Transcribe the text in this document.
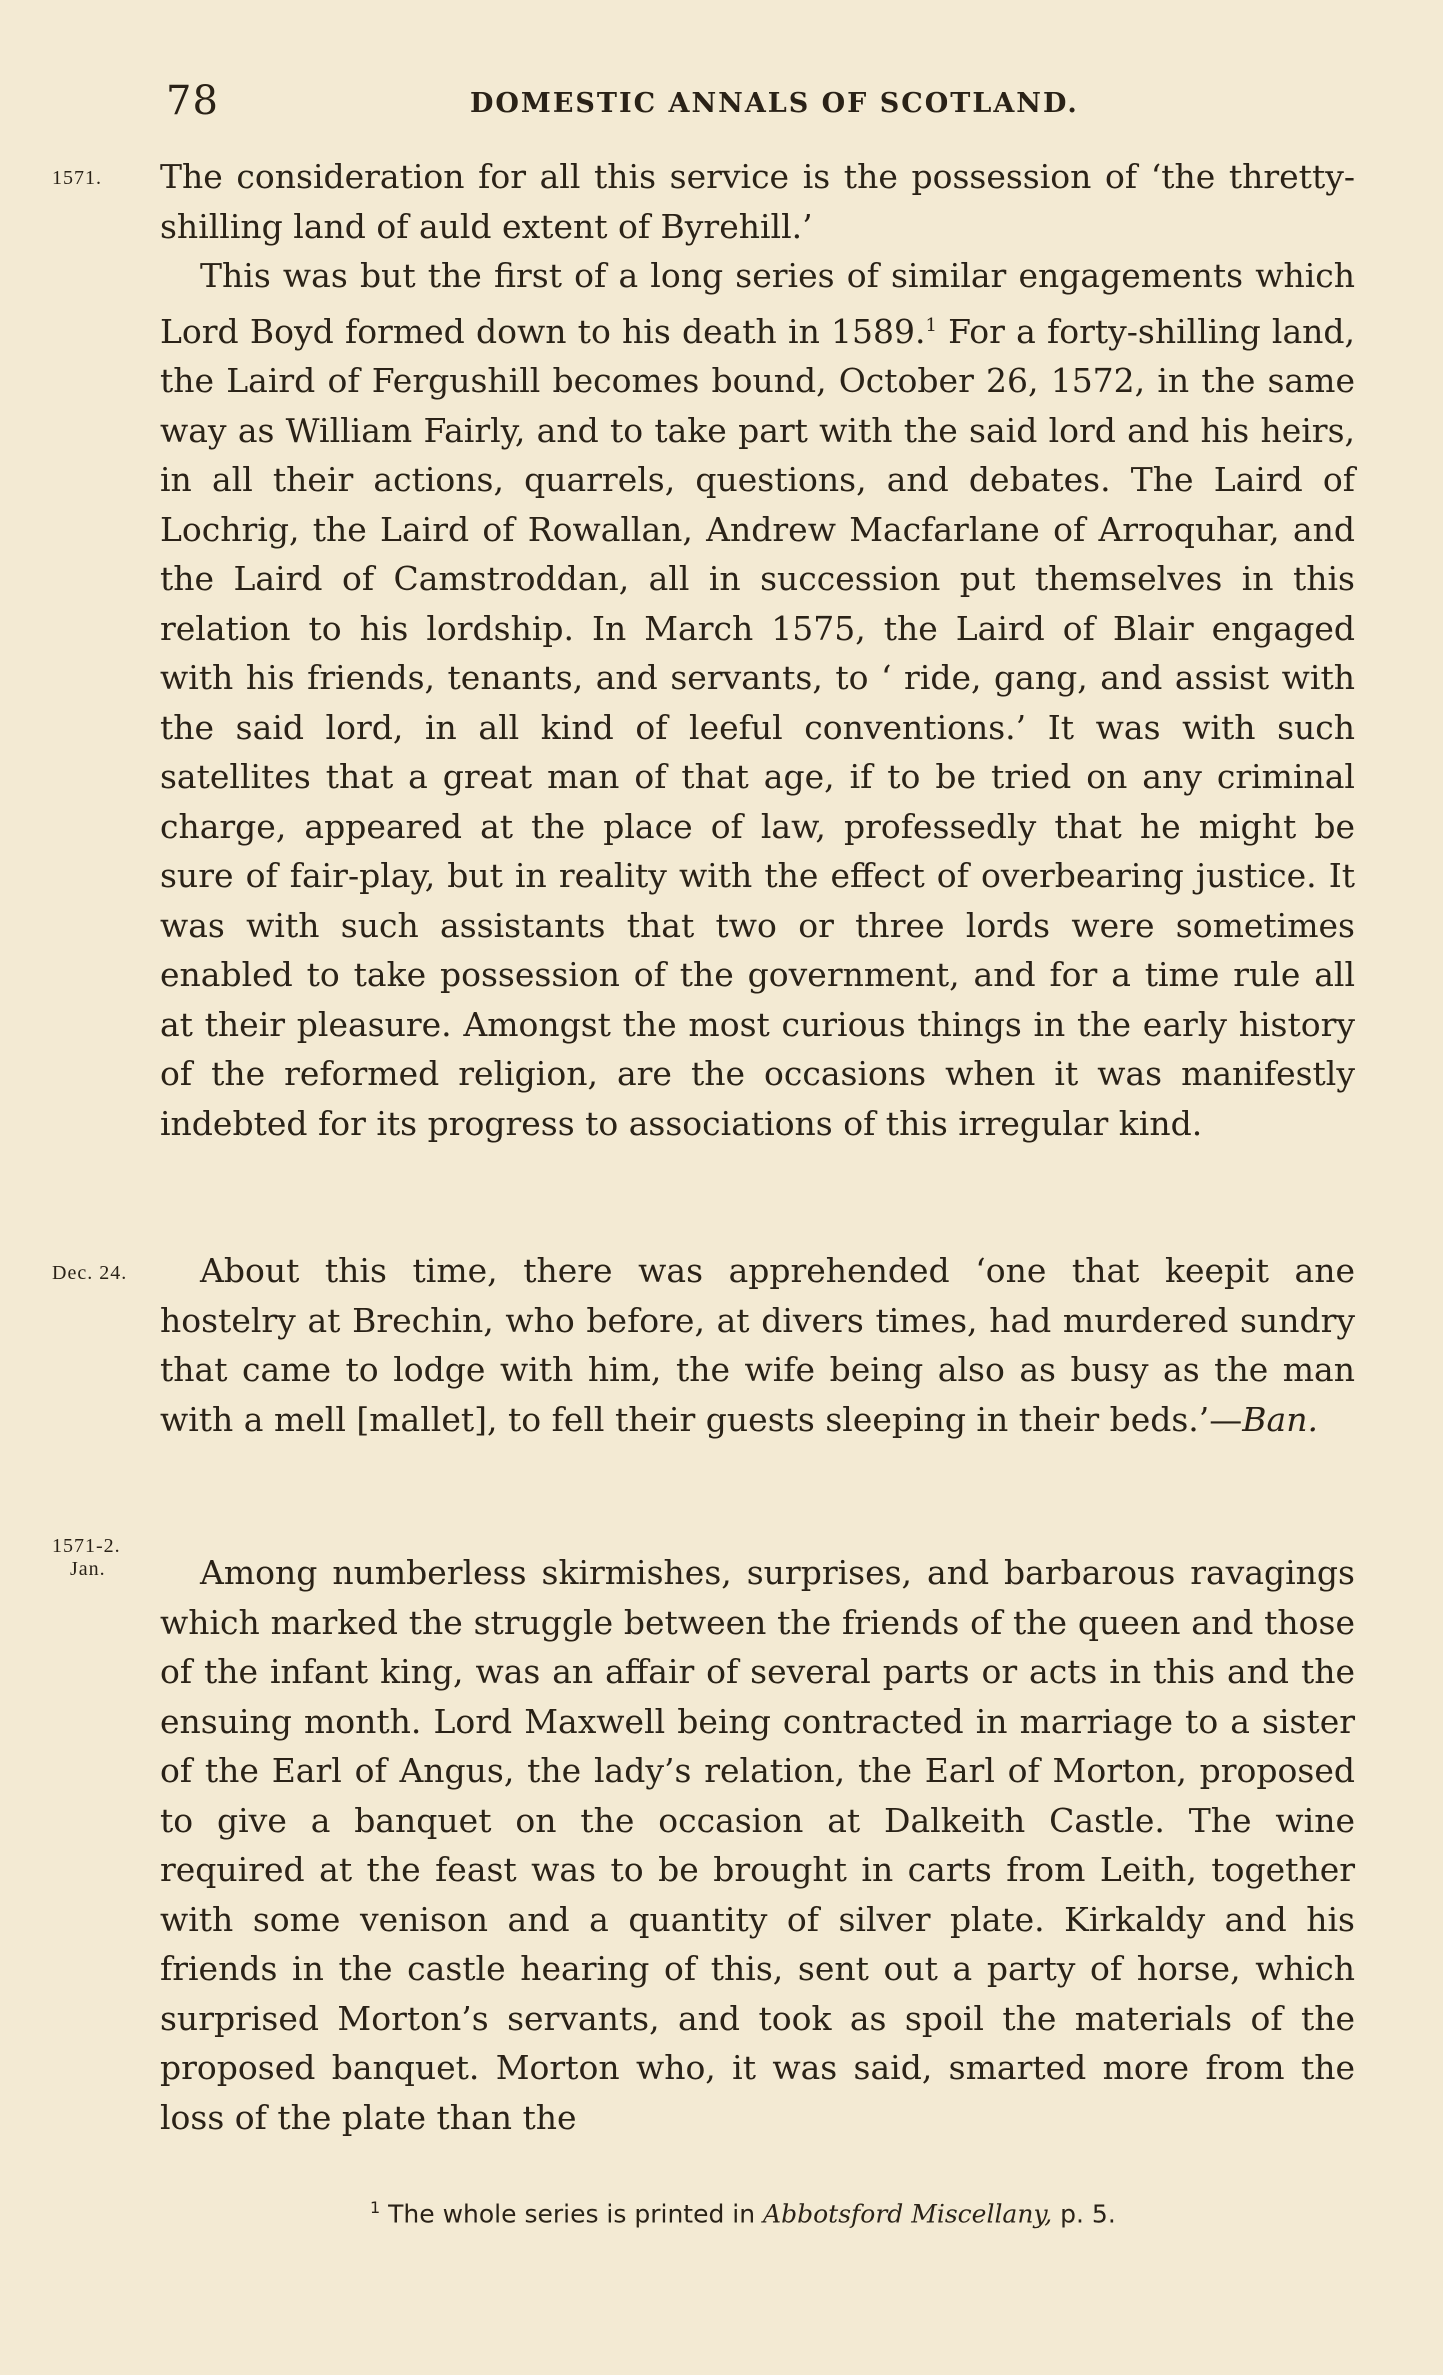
78	DOMESTIC ANNALS OF SCOTLAND.
1571.
Dec. 24.
1571-2.
Jan.

The consideration for all this service is the possession of ‘the thretty-shilling land of auld extent of Byrehill.’

This was but the first of a long series of similar engagements which Lord Boyd formed down to his death in 1589.$^1$ For a forty-shilling land, the Laird of Fergushill becomes bound, October 26, 1572, in the same way as William Fairly, and to take part with the said lord and his heirs, in all their actions, quarrels, questions, and debates. The Laird of Lochrig, the Laird of Rowallan, Andrew Macfarlane of Arroquhar, and the Laird of Camstroddan, all in succession put themselves in this relation to his lordship. In March 1575, the Laird of Blair engaged with his friends, tenants, and servants, to ‘ ride, gang, and assist with the said lord, in all kind of leeful conventions.’ It was with such satellites that a great man of that age, if to be tried on any criminal charge, appeared at the place of law, professedly that he might be sure of fair-play, but in reality with the effect of overbearing justice. It was with such assistants that two or three lords were sometimes enabled to take possession of the government, and for a time rule all at their pleasure. Amongst the most curious things in the early history of the reformed religion, are the occasions when it was manifestly indebted for its progress to associations of this irregular kind.

About this time, there was apprehended ‘one that keepit ane hostelry at Brechin, who before, at divers times, had murdered sundry that came to lodge with him, the wife being also as busy as the man with a mell [mallet], to fell their guests sleeping in their beds.’—Ban.

Among numberless skirmishes, surprises, and barbarous ravagings which marked the struggle between the friends of the queen and those of the infant king, was an affair of several parts or acts in this and the ensuing month. Lord Maxwell being contracted in marriage to a sister of the Earl of Angus, the lady’s relation, the Earl of Morton, proposed to give a banquet on the occasion at Dalkeith Castle. The wine required at the feast was to be brought in carts from Leith, together with some venison and a quantity of silver plate. Kirkaldy and his friends in the castle hearing of this, sent out a party of horse, which surprised Morton’s servants, and took as spoil the materials of the proposed banquet. Morton who, it was said, smarted more from the loss of the plate than the

$^1$ The whole series is printed in Abbotsford Miscellany, p. 5.
